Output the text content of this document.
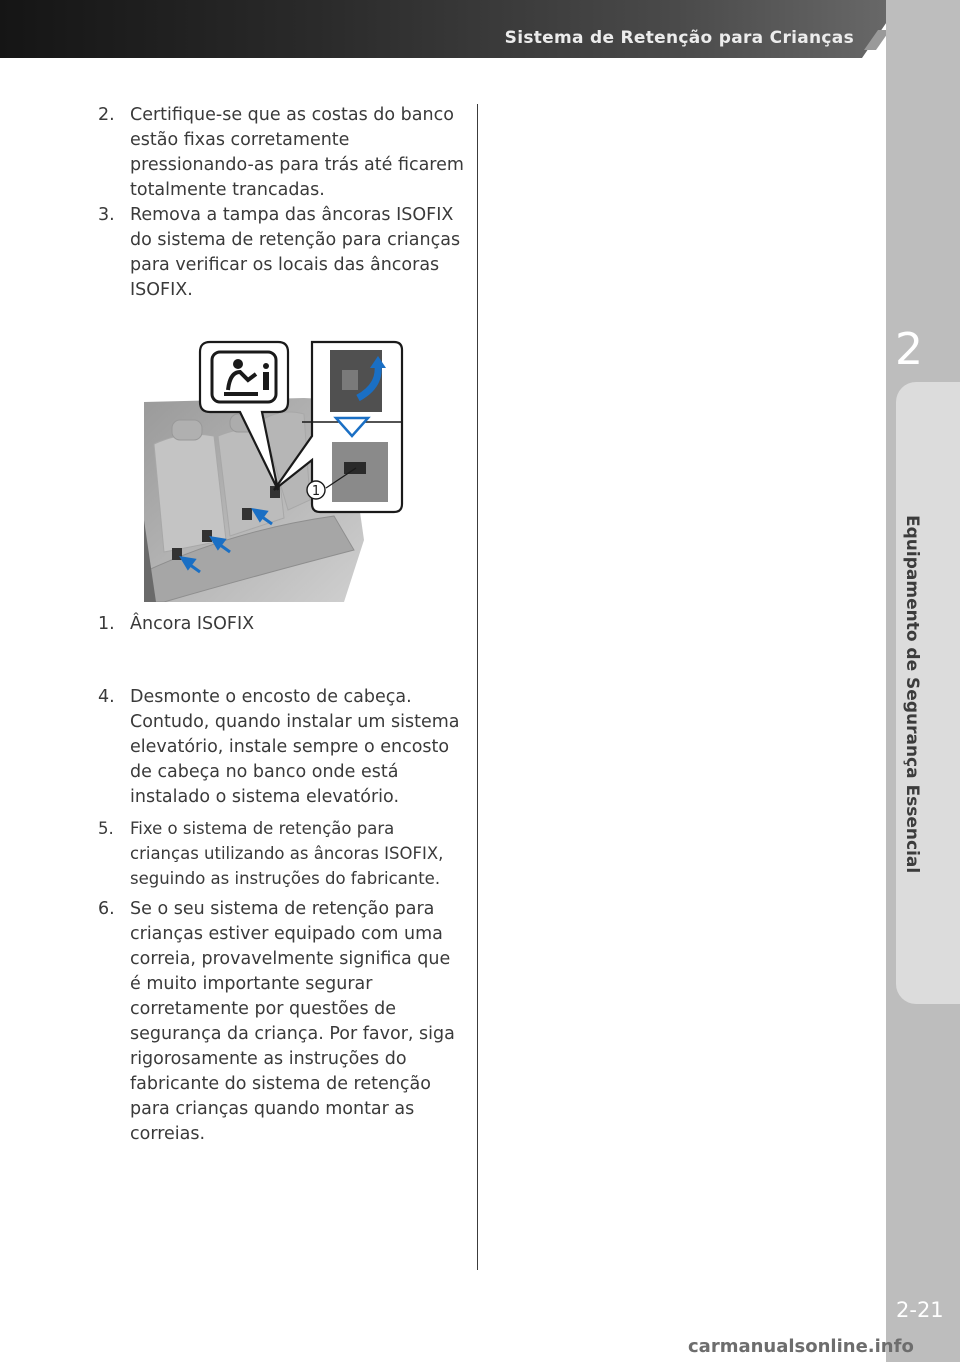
Sistema de Retenção para Crianças
2
Equipamento de Segurança Essencial
2-21
carmanualsonline.info
2. Certifique-se que as costas do banco estão fixas corretamente pressionando-as para trás até ficarem totalmente trancadas.
3. Remova a tampa das âncoras ISOFIX do sistema de retenção para crianças para verificar os locais das âncoras ISOFIX.
1
1. Âncora ISOFIX
4. Desmonte o encosto de cabeça. Contudo, quando instalar um sistema elevatório, instale sempre o encosto de cabeça no banco onde está instalado o sistema elevatório.
5. Fixe o sistema de retenção para crianças utilizando as âncoras ISOFIX, seguindo as instruções do fabricante.
6. Se o seu sistema de retenção para crianças estiver equipado com uma correia, provavelmente significa que é muito importante segurar corretamente por questões de segurança da criança. Por favor, siga rigorosamente as instruções do fabricante do sistema de retenção para crianças quando montar as correias.
